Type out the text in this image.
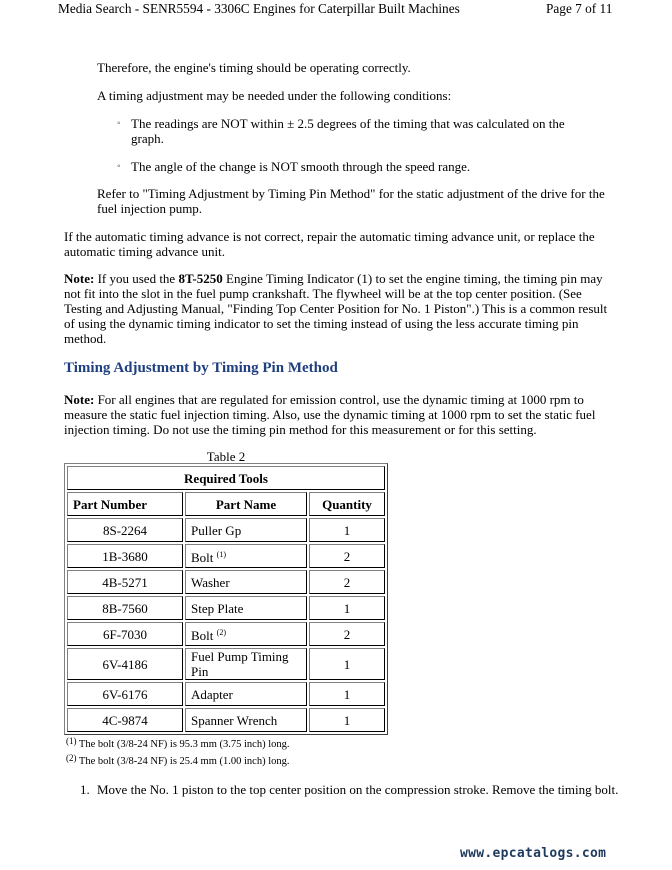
Media Search - SENR5594 - 3306C Engines for Caterpillar Built Machines	Page 7 of 11

Therefore, the engine's timing should be operating correctly.

A timing adjustment may be needed under the following conditions:

◦ The readings are NOT within ± 2.5 degrees of the timing that was calculated on the graph.
◦ The angle of the change is NOT smooth through the speed range.

Refer to "Timing Adjustment by Timing Pin Method" for the static adjustment of the drive for the fuel injection pump.

If the automatic timing advance is not correct, repair the automatic timing advance unit, or replace the automatic timing advance unit.

Note: If you used the 8T-5250 Engine Timing Indicator (1) to set the engine timing, the timing pin may not fit into the slot in the fuel pump crankshaft. The flywheel will be at the top center position. (See Testing and Adjusting Manual, "Finding Top Center Position for No. 1 Piston".) This is a common result of using the dynamic timing indicator to set the timing instead of using the less accurate timing pin method.

Timing Adjustment by Timing Pin Method

Note: For all engines that are regulated for emission control, use the dynamic timing at 1000 rpm to measure the static fuel injection timing. Also, use the dynamic timing at 1000 rpm to set the static fuel injection timing. Do not use the timing pin method for this measurement or for this setting.

Table 2
Required Tools		
Part Number	Part Name	Quantity
8S-2264	Puller Gp	1
1B-3680	Bolt $^{(1)}$	2
4B-5271	Washer	2
8B-7560	Step Plate	1
6F-7030	Bolt $^{(2)}$	2
6V-4186	Fuel Pump Timing Pin	1
6V-6176	Adapter	1
4C-9874	Spanner Wrench	1
$^{(1)}$ The bolt (3/8-24 NF) is 95.3 mm (3.75 inch) long.
$^{(2)}$ The bolt (3/8-24 NF) is 25.4 mm (1.00 inch) long.
1. Move the No. 1 piston to the top center position on the compression stroke. Remove the timing bolt.
www.epcatalogs.com
